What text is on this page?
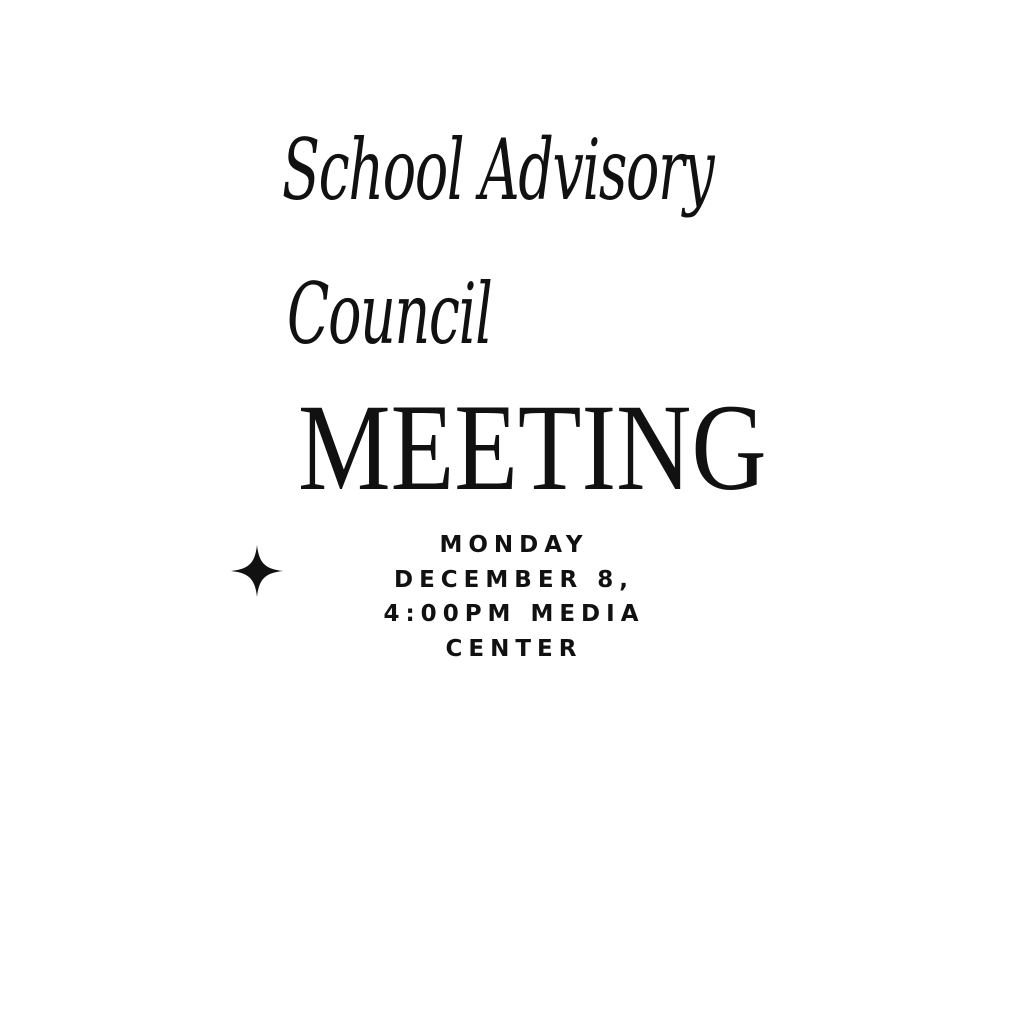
School Advisory
Council
MEETING
MONDAY
DECEMBER 8,
4:00PM MEDIA
CENTER
